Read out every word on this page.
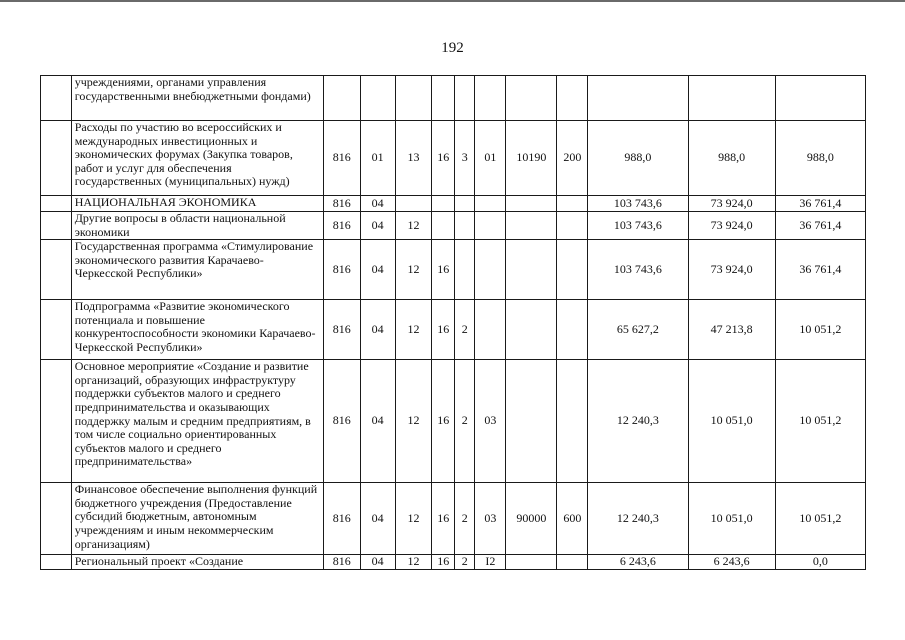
192
	учреждениями, органами управления государственными внебюджетными фондами)											
	Расходы по участию во всероссийских и международных инвестиционных и экономических форумах (Закупка товаров, работ и услуг для обеспечения государственных (муниципальных) нужд)	816	01	13	16	3	01	10190	200	988,0	988,0	988,0
	НАЦИОНАЛЬНАЯ ЭКОНОМИКА	816	04							103 743,6	73 924,0	36 761,4
	Другие вопросы в области национальной экономики	816	04	12						103 743,6	73 924,0	36 761,4
	Государственная программа «Стимулирование экономического развития Карачаево-Черкесской Республики»	816	04	12	16					103 743,6	73 924,0	36 761,4
	Подпрограмма «Развитие экономического потенциала и повышение конкурентоспособности экономики Карачаево-Черкесской Республики»	816	04	12	16	2				65 627,2	47 213,8	10 051,2
	Основное мероприятие «Создание и развитие организаций, образующих инфраструктуру поддержки субъектов малого и среднего предпринимательства и оказывающих поддержку малым и средним предприятиям, в том числе социально ориентированных субъектов малого и среднего предпринимательства»	816	04	12	16	2	03			12 240,3	10 051,0	10 051,2
	Финансовое обеспечение выполнения функций бюджетного учреждения (Предоставление субсидий бюджетным, автономным учреждениям и иным некоммерческим организациям)	816	04	12	16	2	03	90000	600	12 240,3	10 051,0	10 051,2
	Региональный проект «Создание	816	04	12	16	2	I2			6 243,6	6 243,6	0,0
